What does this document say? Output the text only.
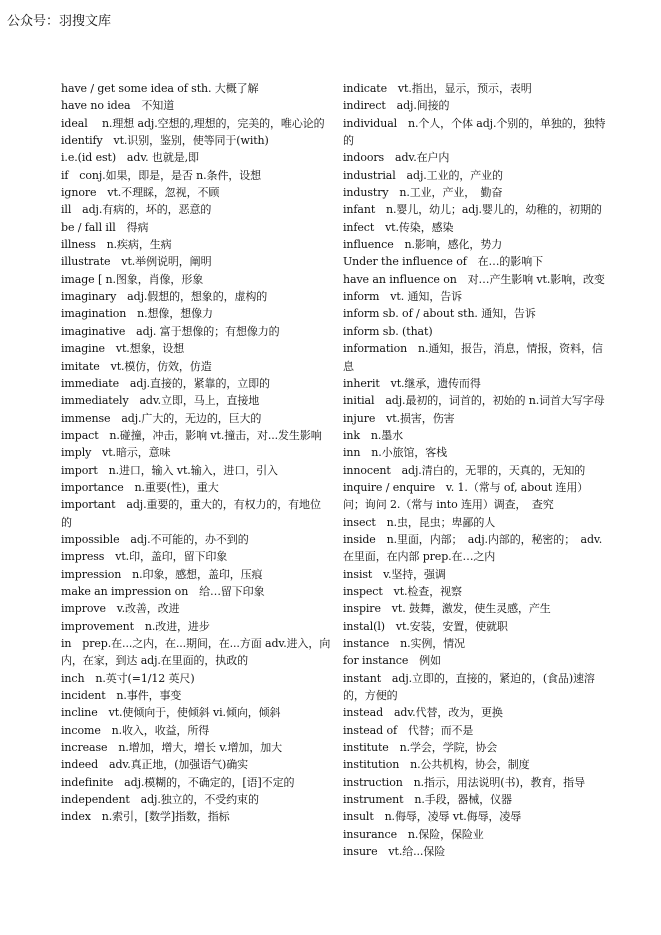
公众号：羽搜文库

have / get some idea of sth. 大概了解

have no idea　不知道

ideal　 n.理想 adj.空想的,理想的，完美的，唯心论的

identify　vt.识别，鉴别，使等同于(with)

i.e.(id est)　adv. 也就是,即

if　conj.如果，即是，是否 n.条件，设想

ignore　vt.不理睬，忽视，不顾

ill　adj.有病的，坏的，恶意的

be / fall ill　得病

illness　n.疾病，生病

illustrate　vt.举例说明，阐明

image [ n.图象，肖像，形象

imaginary　adj.假想的，想象的，虚构的

imagination　n.想像，想像力

imaginative　adj. 富于想像的；有想像力的

imagine　vt.想象，设想

imitate　vt.模仿，仿效，仿造

immediate　adj.直接的，紧靠的，立即的

immediately　adv.立即，马上，直接地

immense　adj.广大的，无边的，巨大的

impact　n.碰撞，冲击，影响 vt.撞击，对...发生影响

imply　vt.暗示，意味

import　n.进口，输入 vt.输入，进口，引入

importance　n.重要(性)，重大

important　adj.重要的，重大的，有权力的，有地位的

impossible　adj.不可能的，办不到的

impress　vt.印，盖印，留下印象

impression　n.印象，感想，盖印，压痕

make an impression on　给…留下印象

improve　v.改善，改进

improvement　n.改进，进步

in　prep.在...之内，在...期间，在...方面 adv.进入，向内，在家，到达 adj.在里面的，执政的

inch　n.英寸(=1/12 英尺)

incident　n.事件，事变

incline　vt.使倾向于，使倾斜 vi.倾向，倾斜

income　n.收入，收益，所得

increase　n.增加，增大，增长 v.增加，加大

indeed　adv.真正地，(加强语气)确实

indefinite　adj.模糊的，不确定的，[语]不定的

independent　adj.独立的，不受约束的

index　n.索引，[数学]指数，指标

indicate　vt.指出，显示，预示，表明

indirect　adj.间接的

individual　n.个人，个体 adj.个别的，单独的，独特的

indoors　adv.在户内

industrial　adj.工业的，产业的

industry　n.工业，产业，　勤奋

infant　n.婴儿，幼儿；adj.婴儿的，幼稚的，初期的

infect　vt.传染，感染

influence　n.影响，感化，势力

Under the influence of　在…的影响下

have an influence on　对…产生影响 vt.影响，改变

inform　vt. 通知，告诉

inform sb. of / about sth. 通知，告诉

inform sb. (that)

information　n.通知，报告，消息，情报，资料，信息

inherit　vt.继承，遗传而得

initial　adj.最初的，词首的，初始的 n.词首大写字母

injure　vt.损害，伤害

ink　n.墨水

inn　n.小旅馆，客栈

innocent　adj.清白的，无罪的，天真的，无知的

inquire / enquire　v. 1.（常与 of, about 连用）问；询问 2.（常与 into 连用）调查，　查究

insect　n.虫，昆虫；卑鄙的人

inside　n.里面，内部；　adj.内部的，秘密的；　adv. 在里面，在内部 prep.在…之内

insist　v.坚持，强调

inspect　vt.检查，视察

inspire　vt. 鼓舞，激发，使生灵感，产生

instal(l)　vt.安装，安置，使就职

instance　n.实例，情况

for instance　例如

instant　adj.立即的，直接的，紧迫的，(食品)速溶的，方便的

instead　adv.代替，改为，更换

instead of　代替；而不是

institute　n.学会，学院，协会

institution　n.公共机构，协会，制度

instruction　n.指示，用法说明(书)，教育，指导

instrument　n.手段，器械，仪器

insult　n.侮辱，凌辱 vt.侮辱，凌辱

insurance　n.保险，保险业

insure　vt.给...保险
